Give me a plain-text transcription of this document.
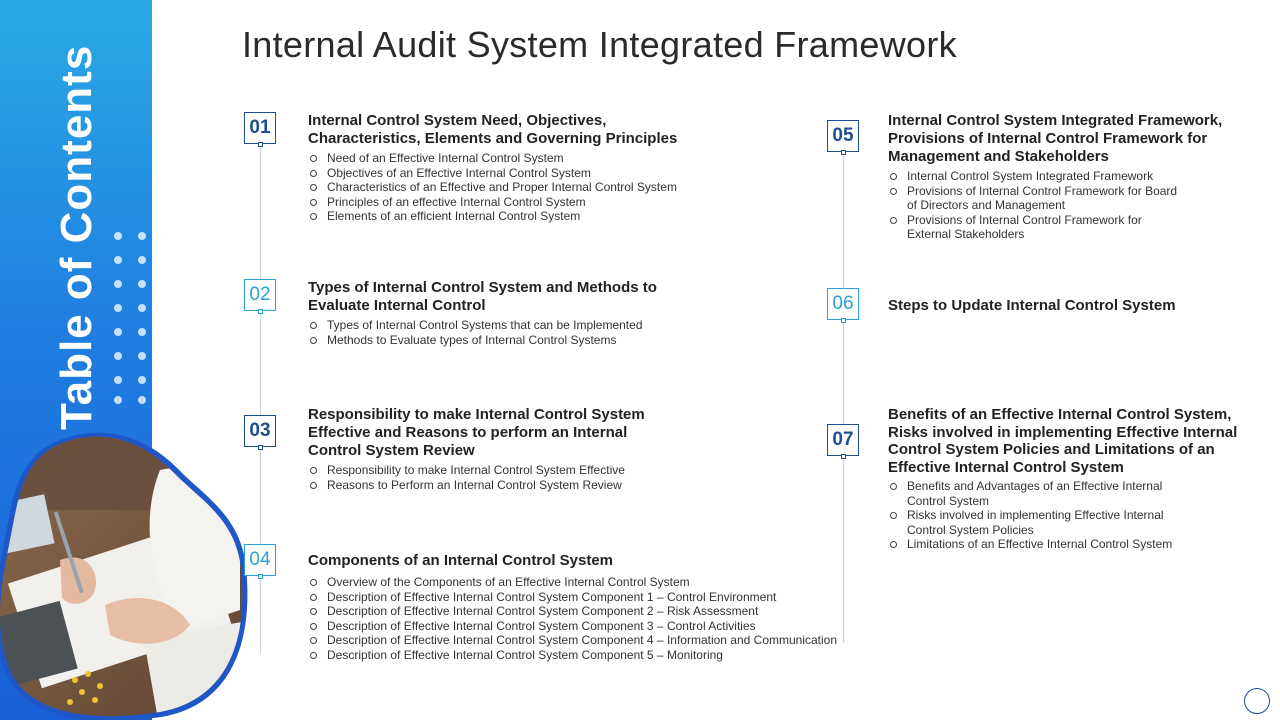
Table of Contents
Internal Audit System Integrated Framework
01
02
03
04
05
06
07
Internal Control System Need, Objectives, Characteristics, Elements and Governing Principles
Need of an Effective Internal Control System
Objectives of an Effective Internal Control System
Characteristics of an Effective and Proper Internal Control System
Principles of an effective Internal Control System
Elements of an efficient Internal Control System
Types of Internal Control System and Methods to Evaluate Internal Control
Types of Internal Control Systems that can be Implemented
Methods to Evaluate types of Internal Control Systems
Responsibility to make Internal Control System Effective and Reasons to perform an Internal Control System Review
Responsibility to make Internal Control System Effective
Reasons to Perform an Internal Control System Review
Components of an Internal Control System
Overview of the Components of an Effective Internal Control System
Description of Effective Internal Control System Component 1 – Control Environment
Description of Effective Internal Control System Component 2 – Risk Assessment
Description of Effective Internal Control System Component 3 – Control Activities
Description of Effective Internal Control System Component 4 – Information and Communication
Description of Effective Internal Control System Component 5 – Monitoring
Internal Control System Integrated Framework, Provisions of Internal Control Framework for Management and Stakeholders
Internal Control System Integrated Framework
Provisions of Internal Control Framework for Board of Directors and Management
Provisions of Internal Control Framework for External Stakeholders
Steps to Update Internal Control System
Benefits of an Effective Internal Control System, Risks involved in implementing Effective Internal Control System Policies and Limitations of an Effective Internal Control System
Benefits and Advantages of an Effective Internal Control System
Risks involved in implementing Effective Internal Control System Policies
Limitations of an Effective Internal Control System
